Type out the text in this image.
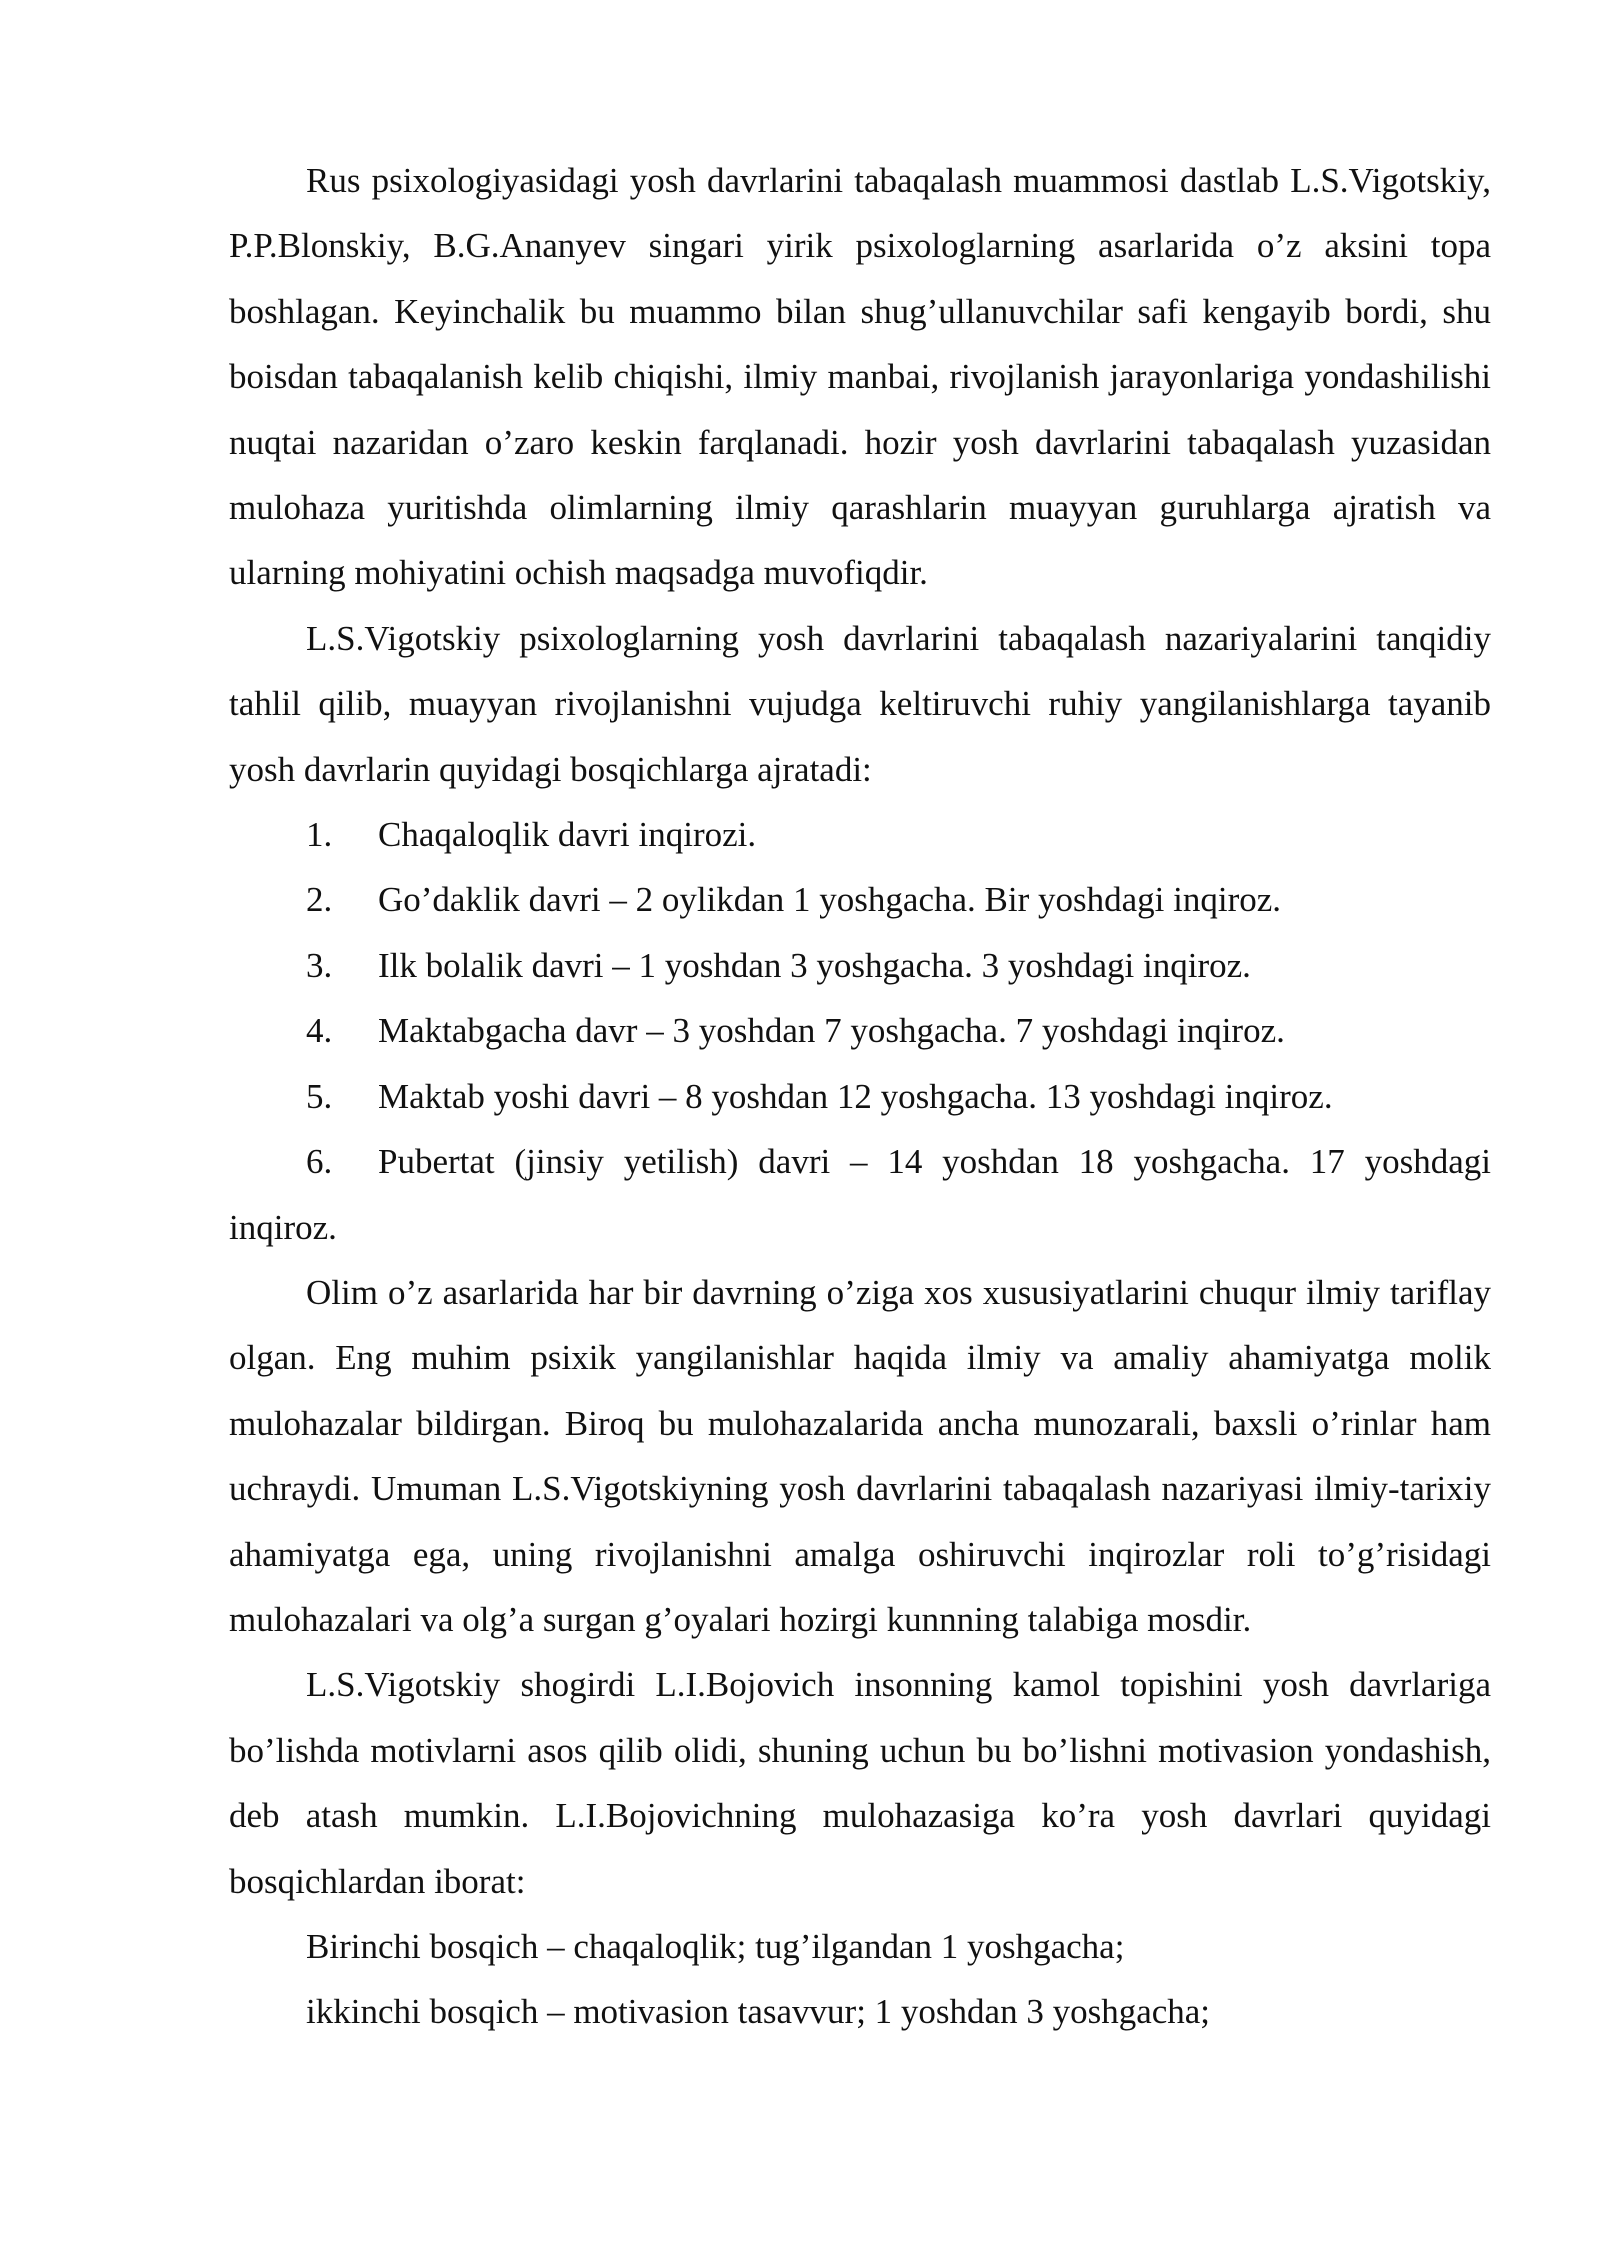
Rus psixologiyasidagi yosh davrlarini tabaqalash muammosi dastlab L.S.Vigotskiy, P.P.Blonskiy, B.G.Ananyev singari yirik psixologlarning asarlarida o’z aksini topa boshlagan. Keyinchalik bu muammo bilan shug’ullanuvchilar safi kengayib bordi, shu boisdan tabaqalanish kelib chiqishi, ilmiy manbai, rivojlanish jarayonlariga yondashilishi nuqtai nazaridan o’zaro keskin farqlanadi. hozir yosh davrlarini tabaqalash yuzasidan mulohaza yuritishda olimlarning ilmiy qarashlarin muayyan guruhlarga ajratish va ularning mohiyatini ochish maqsadga muvofiqdir.

L.S.Vigotskiy psixologlarning yosh davrlarini tabaqalash nazariyalarini tanqidiy tahlil qilib, muayyan rivojlanishni vujudga keltiruvchi ruhiy yangilanishlarga tayanib yosh davrlarin quyidagi bosqichlarga ajratadi:

1. Chaqaloqlik davri inqirozi.

2. Go’daklik davri – 2 oylikdan 1 yoshgacha. Bir yoshdagi inqiroz.

3. Ilk bolalik davri – 1 yoshdan 3 yoshgacha. 3 yoshdagi inqiroz.

4. Maktabgacha davr – 3 yoshdan 7 yoshgacha. 7 yoshdagi inqiroz.

5. Maktab yoshi davri – 8 yoshdan 12 yoshgacha. 13 yoshdagi inqiroz.

6. Pubertat (jinsiy yetilish) davri – 14 yoshdan 18 yoshgacha. 17 yoshdagi inqiroz.

Olim o’z asarlarida har bir davrning o’ziga xos xususiyatlarini chuqur ilmiy tariflay olgan. Eng muhim psixik yangilanishlar haqida ilmiy va amaliy ahamiyatga molik mulohazalar bildirgan. Biroq bu mulohazalarida ancha munozarali, baxsli o’rinlar ham uchraydi. Umuman L.S.Vigotskiyning yosh davrlarini tabaqalash nazariyasi ilmiy-tarixiy ahamiyatga ega, uning rivojlanishni amalga oshiruvchi inqirozlar roli to’g’risidagi mulohazalari va olg’a surgan g’oyalari hozirgi kunnning talabiga mosdir.

L.S.Vigotskiy shogirdi L.I.Bojovich insonning kamol topishini yosh davrlariga bo’lishda motivlarni asos qilib olidi, shuning uchun bu bo’lishni motivasion yondashish, deb atash mumkin. L.I.Bojovichning mulohazasiga ko’ra yosh davrlari quyidagi bosqichlardan iborat:

Birinchi bosqich – chaqaloqlik; tug’ilgandan 1 yoshgacha;

ikkinchi bosqich – motivasion tasavvur; 1 yoshdan 3 yoshgacha;
